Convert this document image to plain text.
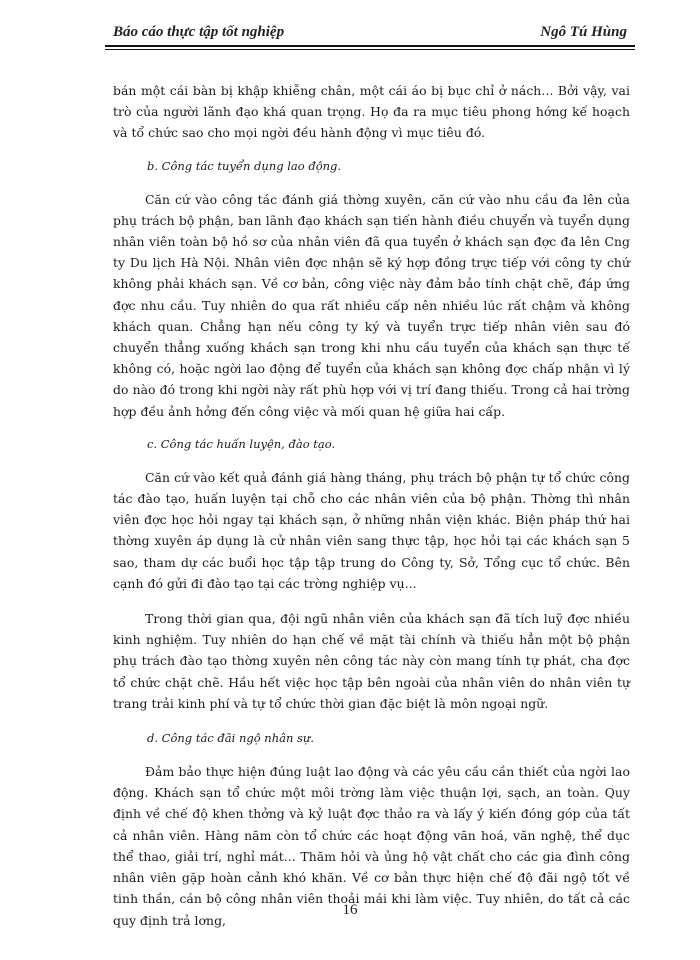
Báo cáo thực tập tốt nghiệp	Ngô Tú Hùng

bán một cái bàn bị khập khiễng chân, một cái áo bị bục chỉ ở nách... Bởi vậy, vai trò của người lãnh đạo khá quan trọng. Họ đa ra mục tiêu phong hớng kế hoạch và tổ chức sao cho mọi ngời đều hành động vì mục tiêu đó.

b. Công tác tuyển dụng lao động.

Căn cứ vào công tác đánh giá thờng xuyên, căn cứ vào nhu cầu đa lên của phụ trách bộ phận, ban lãnh đạo khách sạn tiến hành điều chuyển và tuyển dụng nhân viên toàn bộ hồ sơ của nhân viên đã qua tuyển ở khách sạn đợc đa lên Cng ty Du lịch Hà Nội. Nhân viên đợc nhận sẽ ký hợp đồng trực tiếp với công ty chứ không phải khách sạn. Về cơ bản, công việc này đảm bảo tính chặt chẽ, đáp ứng đợc nhu cầu. Tuy nhiên do qua rất nhiều cấp nên nhiều lúc rất chậm và không khách quan. Chẳng hạn nếu công ty ký và tuyển trực tiếp nhân viên sau đó chuyển thẳng xuống khách sạn trong khi nhu cầu tuyển của khách sạn thực tế không có, hoặc ngời lao động để tuyển của khách sạn không đợc chấp nhận vì lý do nào đó trong khi ngời này rất phù hợp với vị trí đang thiếu. Trong cả hai trờng hợp đều ảnh hởng đến công việc và mối quan hệ giữa hai cấp.

c. Công tác huấn luyện, đào tạo.

Căn cứ vào kết quả đánh giá hàng tháng, phụ trách bộ phận tự tổ chức công tác đào tạo, huấn luyện tại chỗ cho các nhân viên của bộ phận. Thờng thì nhân viên đợc học hỏi ngay tại khách sạn, ở những nhân viện khác. Biện pháp thứ hai thờng xuyên áp dụng là cử nhân viên sang thực tập, học hỏi tại các khách sạn 5 sao, tham dự các buổi học tập tập trung do Công ty, Sở, Tổng cục tổ chức. Bên cạnh đó gửi đi đào tạo tại các trờng nghiệp vụ...

Trong thời gian qua, đội ngũ nhân viên của khách sạn đã tích luỹ đợc nhiều kinh nghiệm. Tuy nhiên do hạn chế về mặt tài chính và thiếu hẳn một bộ phận phụ trách đào tạo thờng xuyên nên công tác này còn mang tính tự phát, cha đợc tổ chức chặt chẽ. Hầu hết việc học tập bên ngoài của nhân viên do nhân viên tự trang trải kinh phí và tự tổ chức thời gian đặc biệt là môn ngoại ngữ.

d. Công tác đãi ngộ nhân sự.

Đảm bảo thực hiện đúng luật lao động và các yêu cầu cần thiết của ngời lao động. Khách sạn tổ chức một môi trờng làm việc thuận lợi, sạch, an toàn. Quy định về chế độ khen thởng và kỷ luật đợc thảo ra và lấy ý kiến đóng góp của tất cả nhân viên. Hàng năm còn tổ chức các hoạt động văn hoá, văn nghệ, thể dục thể thao, giải trí, nghỉ mát... Thăm hỏi và ủng hộ vật chất cho các gia đình công nhân viên gặp hoàn cảnh khó khăn. Về cơ bản thực hiện chế độ đãi ngộ tốt về tinh thần, cán bộ công nhân viên thoải mái khi làm việc. Tuy nhiên, do tất cả các quy định trả lơng,

16
